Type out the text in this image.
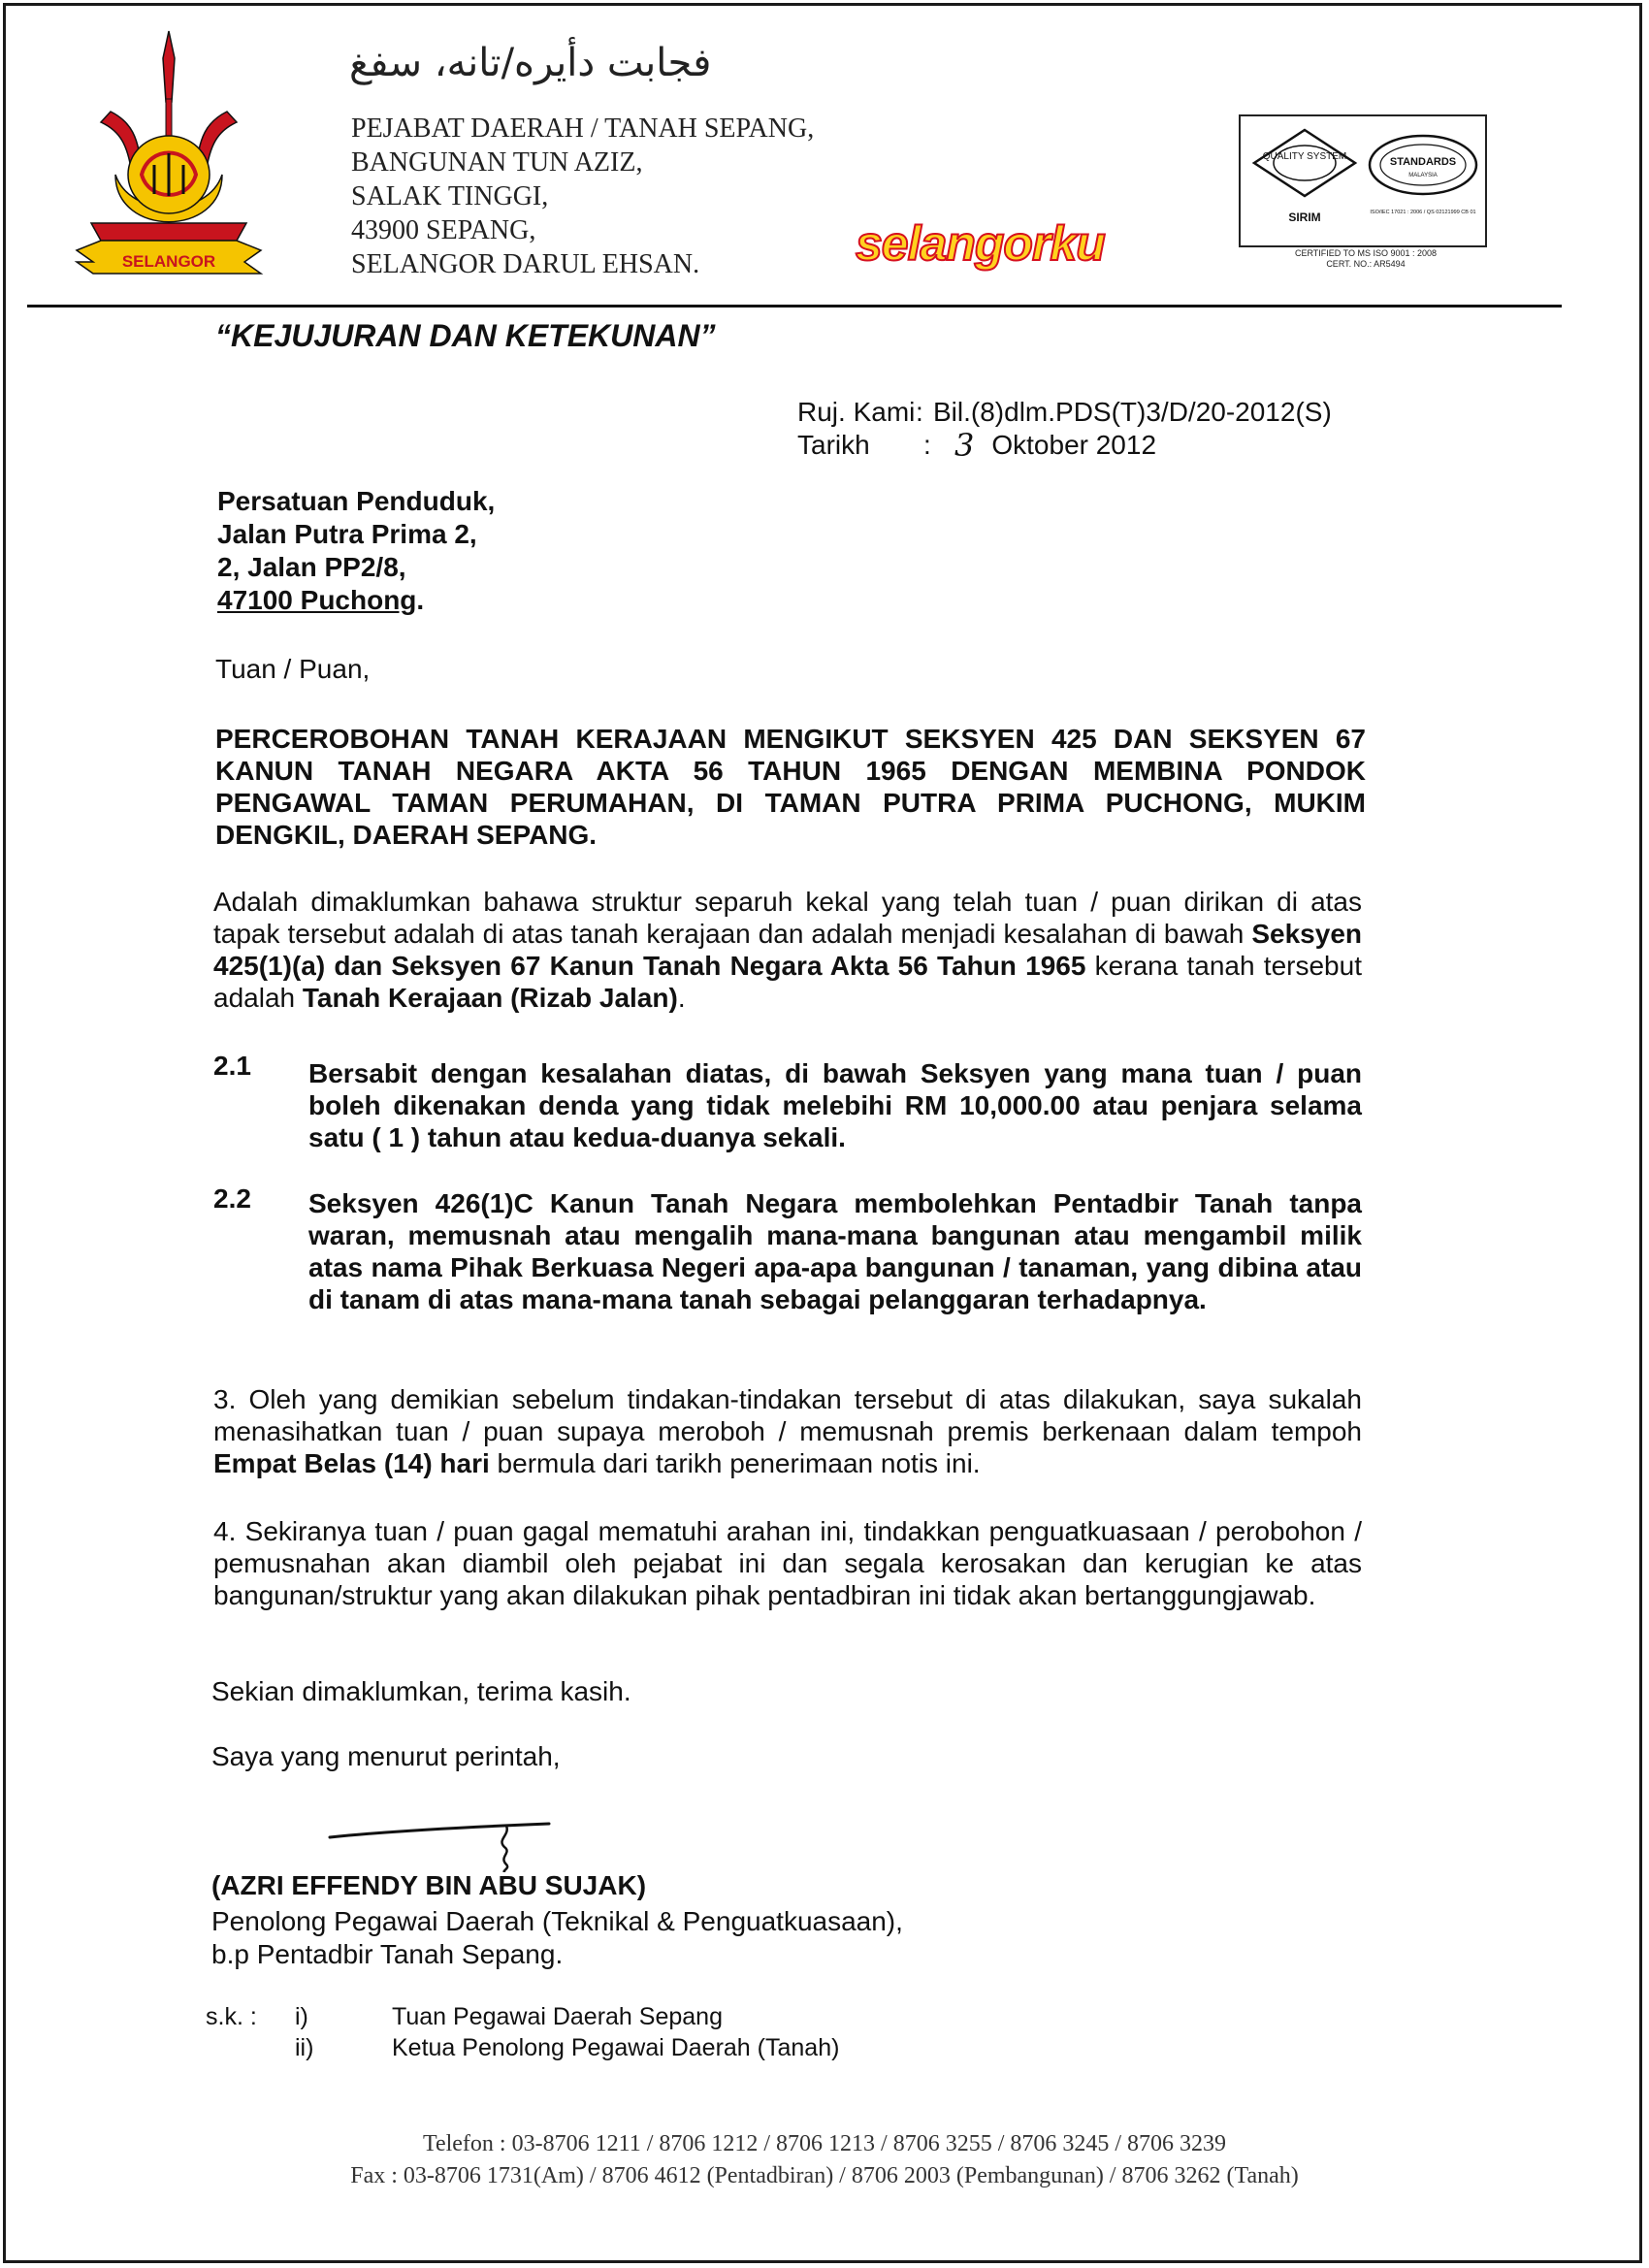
SELANGOR
فجابت دأيره/تانه، سفغ
PEJABAT DAERAH / TANAH SEPANG,
BANGUNAN TUN AZIZ,
SALAK TINGGI,
43900 SEPANG,
SELANGOR DARUL EHSAN.	selangorku
QUALITY SYSTEM
SIRIM
STANDARDS
MALAYSIA
ISO/IEC 17021 : 2006 / QS 02121999 CB 01
CERTIFIED TO MS ISO 9001 : 2008
CERT. NO.: AR5494
“KEJUJURAN DAN KETEKUNAN”
Ruj. Kami : Bil.(8)dlm.PDS(T)3/D/20-2012(S)
Tarikh	: 3 Oktober 2012
Persatuan Penduduk,
Jalan Putra Prima 2,
2, Jalan PP2/8,
47100 Puchong.
Tuan / Puan,
PERCEROBOHAN TANAH KERAJAAN MENGIKUT SEKSYEN 425 DAN SEKSYEN 67 KANUN TANAH NEGARA AKTA 56 TAHUN 1965 DENGAN MEMBINA PONDOK PENGAWAL TAMAN PERUMAHAN, DI TAMAN PUTRA PRIMA PUCHONG, MUKIM DENGKIL, DAERAH SEPANG.
Adalah dimaklumkan bahawa struktur separuh kekal yang telah tuan / puan dirikan di atas tapak tersebut adalah di atas tanah kerajaan dan adalah menjadi kesalahan di bawah Seksyen 425(1)(a) dan Seksyen 67 Kanun Tanah Negara Akta 56 Tahun 1965 kerana tanah tersebut adalah Tanah Kerajaan (Rizab Jalan).
2.1 Bersabit dengan kesalahan diatas, di bawah Seksyen yang mana tuan / puan boleh dikenakan denda yang tidak melebihi RM 10,000.00 atau penjara selama satu ( 1 ) tahun atau kedua-duanya sekali.
2.2 Seksyen 426(1)C Kanun Tanah Negara membolehkan Pentadbir Tanah tanpa waran, memusnah atau mengalih mana-mana bangunan atau mengambil milik atas nama Pihak Berkuasa Negeri apa-apa bangunan / tanaman, yang dibina atau di tanam di atas mana-mana tanah sebagai pelanggaran terhadapnya.
3. Oleh yang demikian sebelum tindakan-tindakan tersebut di atas dilakukan, saya sukalah menasihatkan tuan / puan supaya meroboh / memusnah premis berkenaan dalam tempoh Empat Belas (14) hari bermula dari tarikh penerimaan notis ini.
4. Sekiranya tuan / puan gagal mematuhi arahan ini, tindakkan penguatkuasaan / perobohon / pemusnahan akan diambil oleh pejabat ini dan segala kerosakan dan kerugian ke atas bangunan/struktur yang akan dilakukan pihak pentadbiran ini tidak akan bertanggungjawab.
Sekian dimaklumkan, terima kasih.
Saya yang menurut perintah,
(AZRI EFFENDY BIN ABU SUJAK)
Penolong Pegawai Daerah (Teknikal & Penguatkuasaan),
b.p Pentadbir Tanah Sepang.
s.k. :	i)	Tuan Pegawai Daerah Sepang
ii)	Ketua Penolong Pegawai Daerah (Tanah)
Telefon : 03-8706 1211 / 8706 1212 / 8706 1213 / 8706 3255 / 8706 3245 / 8706 3239
Fax : 03-8706 1731(Am) / 8706 4612 (Pentadbiran) / 8706 2003 (Pembangunan) / 8706 3262 (Tanah)
